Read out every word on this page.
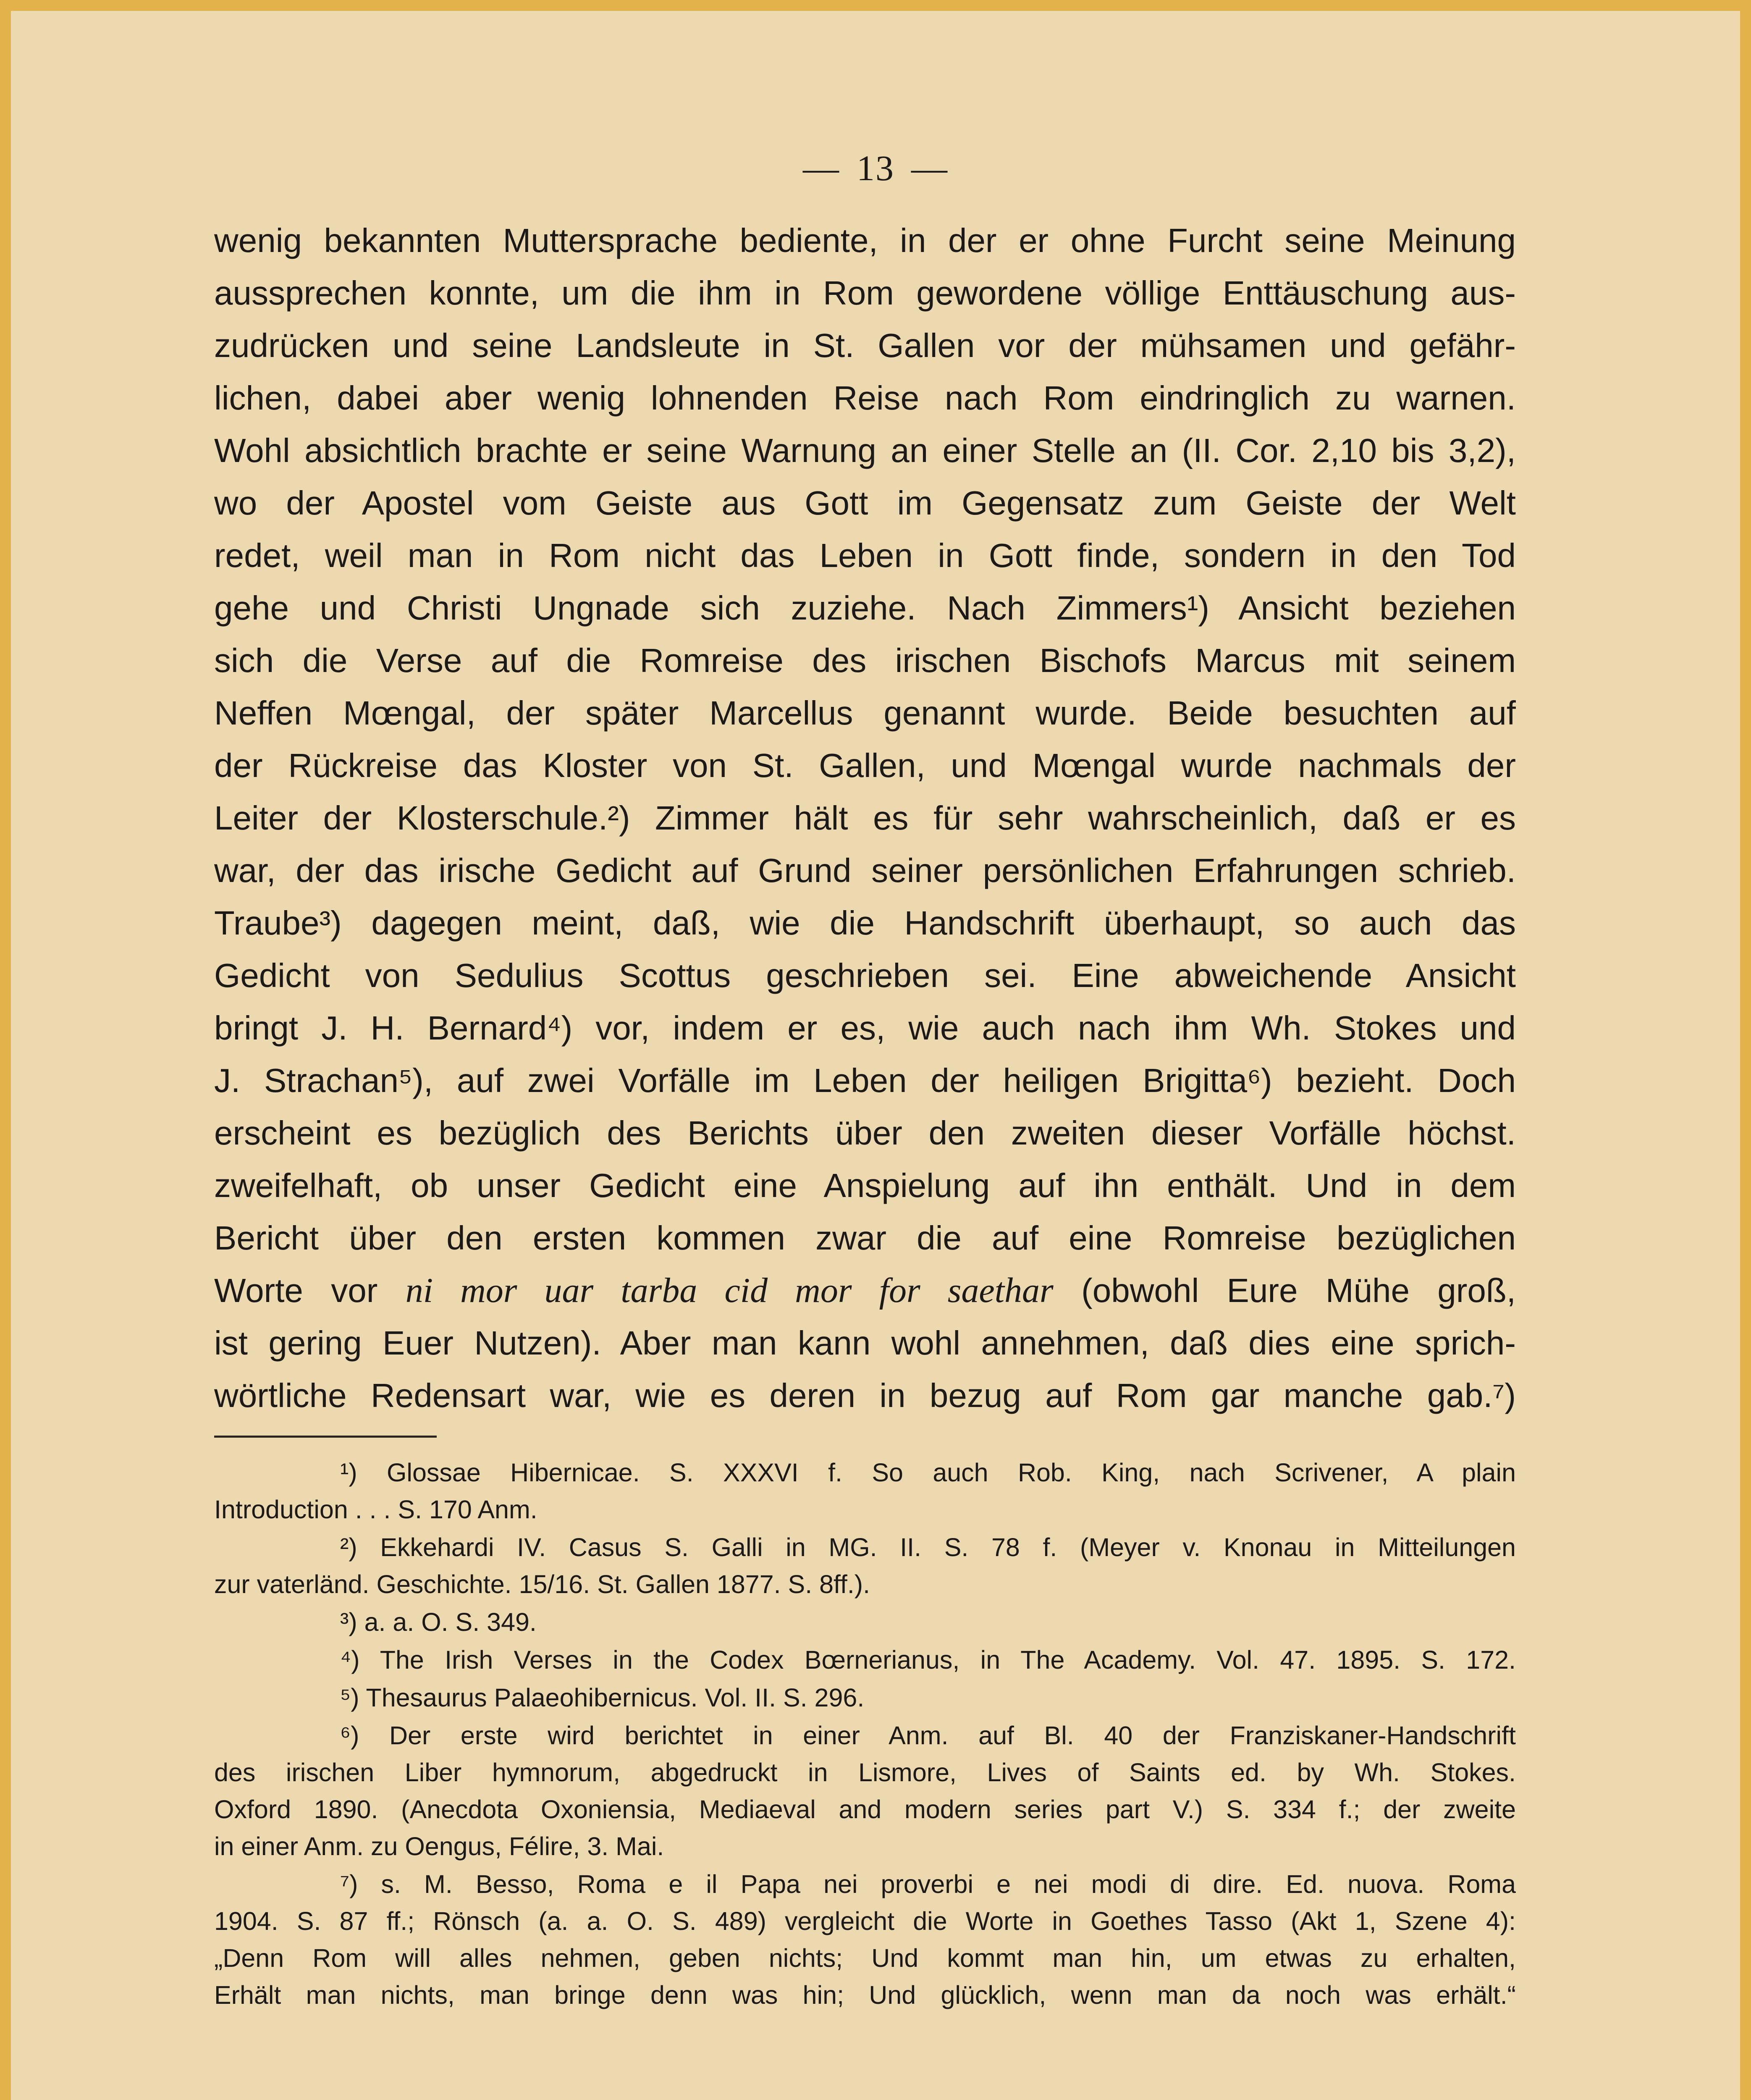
— 13 —
wenig bekannten Muttersprache bediente, in der er ohne Furcht seine Meinung
aussprechen konnte, um die ihm in Rom gewordene völlige Enttäuschung aus-
zudrücken und seine Landsleute in St. Gallen vor der mühsamen und gefähr-
lichen, dabei aber wenig lohnenden Reise nach Rom eindringlich zu warnen.
Wohl absichtlich brachte er seine Warnung an einer Stelle an (II. Cor. 2,10 bis 3,2),
wo der Apostel vom Geiste aus Gott im Gegensatz zum Geiste der Welt
redet, weil man in Rom nicht das Leben in Gott finde, sondern in den Tod
gehe und Christi Ungnade sich zuziehe. Nach Zimmers¹) Ansicht beziehen
sich die Verse auf die Romreise des irischen Bischofs Marcus mit seinem
Neffen Mœngal, der später Marcellus genannt wurde. Beide besuchten auf
der Rückreise das Kloster von St. Gallen, und Mœngal wurde nachmals der
Leiter der Klosterschule.²) Zimmer hält es für sehr wahrscheinlich, daß er es
war, der das irische Gedicht auf Grund seiner persönlichen Erfahrungen schrieb.
Traube³) dagegen meint, daß, wie die Handschrift überhaupt, so auch das
Gedicht von Sedulius Scottus geschrieben sei. Eine abweichende Ansicht
bringt J. H. Bernard⁴) vor, indem er es, wie auch nach ihm Wh. Stokes und
J. Strachan⁵), auf zwei Vorfälle im Leben der heiligen Brigitta⁶) bezieht. Doch
erscheint es bezüglich des Berichts über den zweiten dieser Vorfälle höchst.
zweifelhaft, ob unser Gedicht eine Anspielung auf ihn enthält. Und in dem
Bericht über den ersten kommen zwar die auf eine Romreise bezüglichen
Worte vor ni mor uar tarba cid mor for saethar (obwohl Eure Mühe groß,
ist gering Euer Nutzen). Aber man kann wohl annehmen, daß dies eine sprich-
wörtliche Redensart war, wie es deren in bezug auf Rom gar manche gab.⁷)
¹) Glossae Hibernicae. S. XXXVI f. So auch Rob. King, nach Scrivener, A plain
Introduction . . . S. 170 Anm.
²) Ekkehardi IV. Casus S. Galli in MG. II. S. 78 f. (Meyer v. Knonau in Mitteilungen
zur vaterländ. Geschichte. 15/16. St. Gallen 1877. S. 8ff.).
³) a. a. O. S. 349.
⁴) The Irish Verses in the Codex Bœrnerianus, in The Academy. Vol. 47. 1895. S. 172.
⁵) Thesaurus Palaeohibernicus. Vol. II. S. 296.
⁶) Der erste wird berichtet in einer Anm. auf Bl. 40 der Franziskaner-Handschrift
des irischen Liber hymnorum, abgedruckt in Lismore, Lives of Saints ed. by Wh. Stokes.
Oxford 1890. (Anecdota Oxoniensia, Mediaeval and modern series part V.) S. 334 f.; der zweite
in einer Anm. zu Oengus, Félire, 3. Mai.
⁷) s. M. Besso, Roma e il Papa nei proverbi e nei modi di dire. Ed. nuova. Roma
1904. S. 87 ff.; Rönsch (a. a. O. S. 489) vergleicht die Worte in Goethes Tasso (Akt 1, Szene 4):
„Denn Rom will alles nehmen, geben nichts; Und kommt man hin, um etwas zu erhalten,
Erhält man nichts, man bringe denn was hin; Und glücklich, wenn man da noch was erhält.“
